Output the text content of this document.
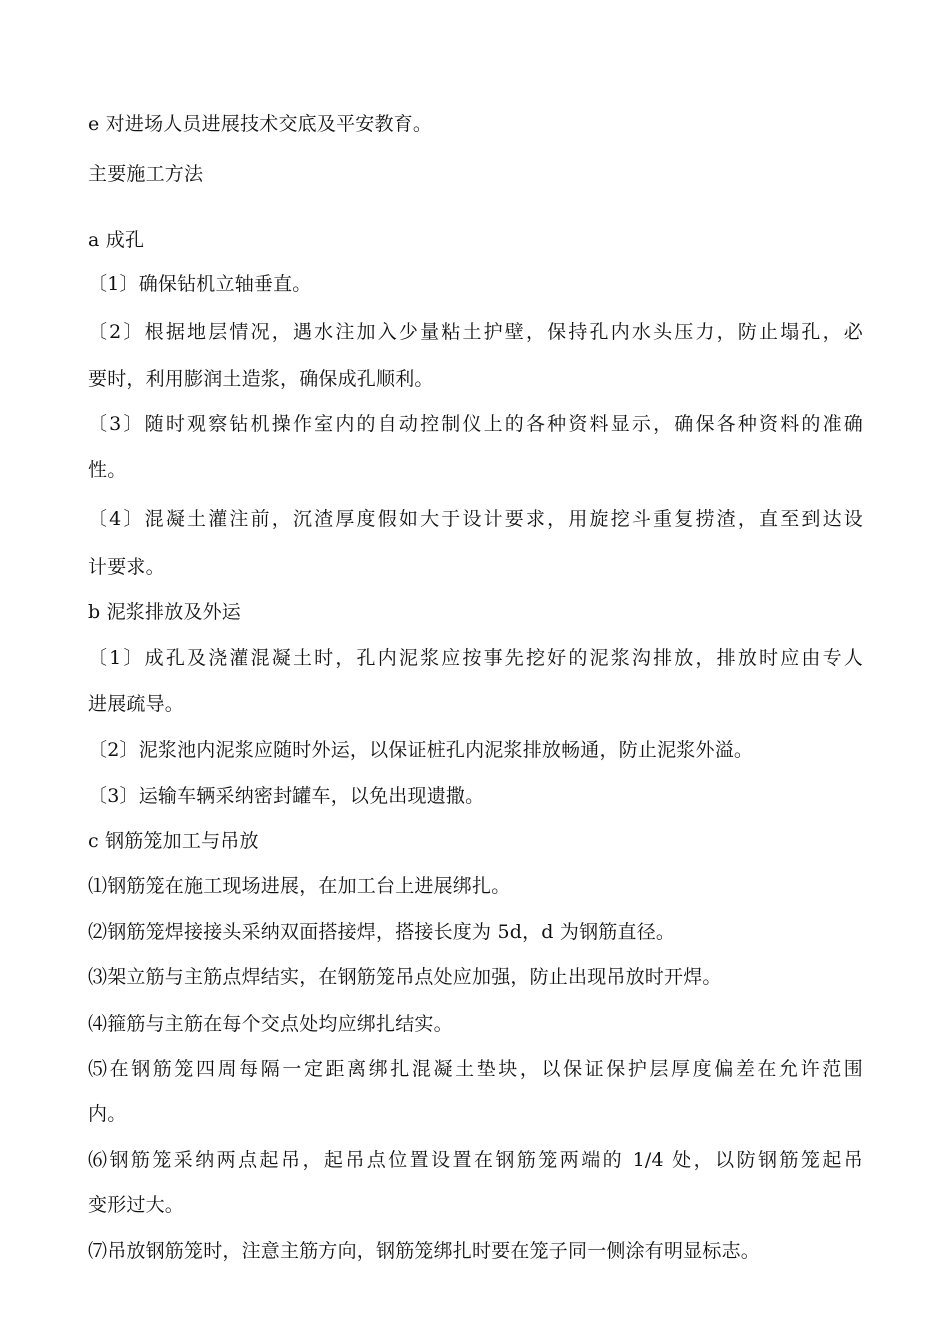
e 对进场人员进展技术交底及平安教育。
主要施工方法
a 成孔
〔1〕确保钻机立轴垂直。
〔2〕根据地层情况，遇水注加入少量粘土护壁，保持孔内水头压力，防止塌孔，必
要时，利用膨润土造浆，确保成孔顺利。
〔3〕随时观察钻机操作室内的自动控制仪上的各种资料显示，确保各种资料的准确
性。
〔4〕混凝土灌注前，沉渣厚度假如大于设计要求，用旋挖斗重复捞渣，直至到达设
计要求。
b 泥浆排放及外运
〔1〕成孔及浇灌混凝土时，孔内泥浆应按事先挖好的泥浆沟排放，排放时应由专人
进展疏导。
〔2〕泥浆池内泥浆应随时外运，以保证桩孔内泥浆排放畅通，防止泥浆外溢。
〔3〕运输车辆采纳密封罐车，以免出现遗撒。
c 钢筋笼加工与吊放
⑴钢筋笼在施工现场进展，在加工台上进展绑扎。
⑵钢筋笼焊接接头采纳双面搭接焊，搭接长度为 5d，d 为钢筋直径。
⑶架立筋与主筋点焊结实，在钢筋笼吊点处应加强，防止出现吊放时开焊。
⑷箍筋与主筋在每个交点处均应绑扎结实。
⑸在钢筋笼四周每隔一定距离绑扎混凝土垫块，以保证保护层厚度偏差在允许范围
内。
⑹钢筋笼采纳两点起吊，起吊点位置设置在钢筋笼两端的 1/4 处，以防钢筋笼起吊
变形过大。
⑺吊放钢筋笼时，注意主筋方向，钢筋笼绑扎时要在笼子同一侧涂有明显标志。
